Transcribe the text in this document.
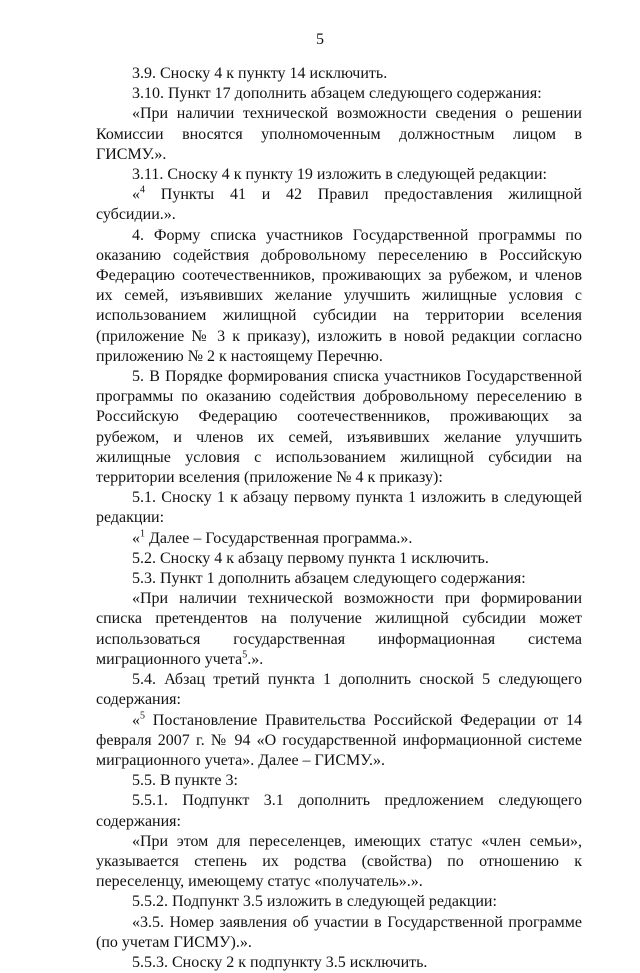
5

3.9. Сноску 4 к пункту 14 исключить.

3.10. Пункт 17 дополнить абзацем следующего содержания:

«При наличии технической возможности сведения о решении Комиссии вносятся уполномоченным должностным лицом в ГИСМУ.».

3.11. Сноску 4 к пункту 19 изложить в следующей редакции:

«$^4$ Пункты 41 и 42 Правил предоставления жилищной субсидии.».

4. Форму списка участников Государственной программы по оказанию содействия добровольному переселению в Российскую Федерацию соотечественников, проживающих за рубежом, и членов их семей, изъявивших желание улучшить жилищные условия с использованием жилищной субсидии на территории вселения (приложение № 3 к приказу), изложить в новой редакции согласно приложению № 2 к настоящему Перечню.

5. В Порядке формирования списка участников Государственной программы по оказанию содействия добровольному переселению в Российскую Федерацию соотечественников, проживающих за рубежом, и членов их семей, изъявивших желание улучшить жилищные условия с использованием жилищной субсидии на территории вселения (приложение № 4 к приказу):

5.1. Сноску 1 к абзацу первому пункта 1 изложить в следующей редакции:

«$^1$ Далее – Государственная программа.».

5.2. Сноску 4 к абзацу первому пункта 1 исключить.

5.3. Пункт 1 дополнить абзацем следующего содержания:

«При наличии технической возможности при формировании списка претендентов на получение жилищной субсидии может использоваться государственная информационная система миграционного учета$^5$.».

5.4. Абзац третий пункта 1 дополнить сноской 5 следующего содержания:

«$^5$ Постановление Правительства Российской Федерации от 14 февраля 2007 г. № 94 «О государственной информационной системе миграционного учета». Далее – ГИСМУ.».

5.5. В пункте 3:

5.5.1. Подпункт 3.1 дополнить предложением следующего содержания:

«При этом для переселенцев, имеющих статус «член семьи», указывается степень их родства (свойства) по отношению к переселенцу, имеющему статус «получатель».».

5.5.2. Подпункт 3.5 изложить в следующей редакции:

«3.5. Номер заявления об участии в Государственной программе (по учетам ГИСМУ).».

5.5.3. Сноску 2 к подпункту 3.5 исключить.
